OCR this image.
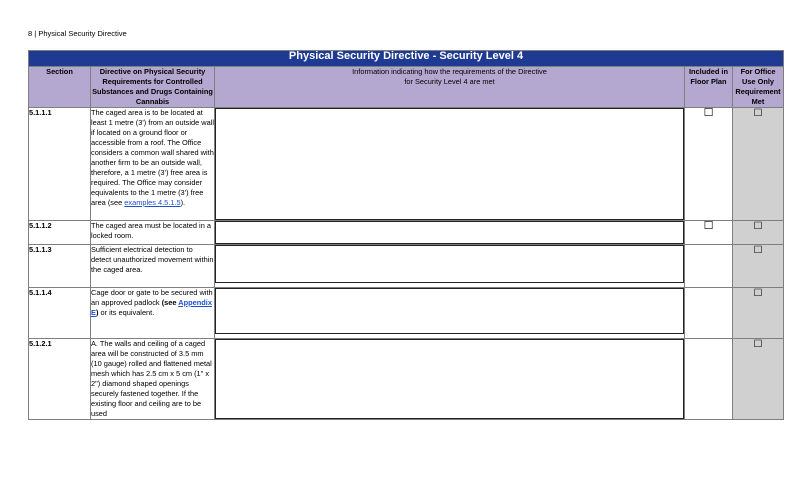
8 | Physical Security Directive
Physical Security Directive - Security Level 4				
Section	Directive on Physical Security Requirements for Controlled Substances and Drugs Containing Cannabis	Information indicating how the requirements of the Directive for Security Level 4 are met	Included in Floor Plan	For Office Use Only Requirement Met
5.1.1.1	The caged area is to be located at least 1 metre (3') from an outside wall if located on a ground floor or accessible from a roof. The Office considers a common wall shared with another firm to be an outside wall, therefore, a 1 metre (3') free area is required. The Office may consider equivalents to the 1 metre (3') free area (see examples 4.5.1.5).		☐	☐
5.1.1.2	The caged area must be located in a locked room.		☐	☐
5.1.1.3	Sufficient electrical detection to detect unauthorized movement within the caged area.			☐
5.1.1.4	Cage door or gate to be secured with an approved padlock (see Appendix E) or its equivalent.			☐
5.1.2.1	A. The walls and ceiling of a caged area will be constructed of 3.5 mm (10 gauge) rolled and flattened metal mesh which has 2.5 cm x 5 cm (1" x 2") diamond shaped openings securely fastened together. If the existing floor and ceiling are to be used			☐
